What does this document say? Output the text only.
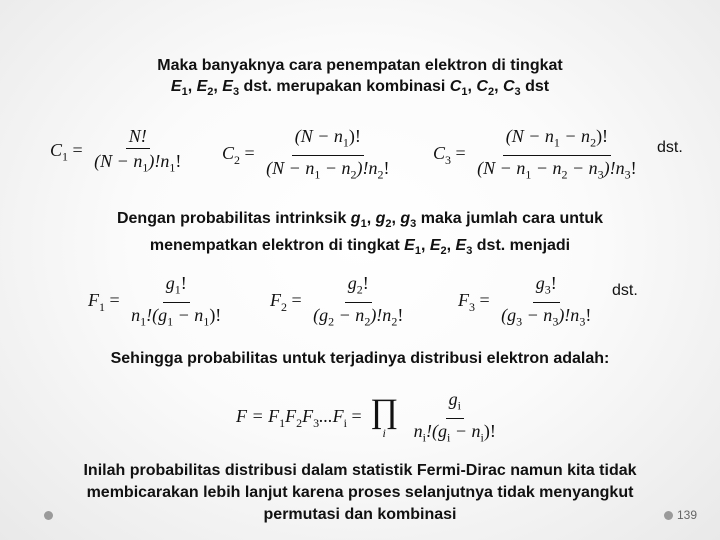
Maka banyaknya cara penempatan elektron di tingkat
$E_1$, $E_2$, $E_3$ dst. merupakan kombinasi $C_1$, $C_2$, $C_3$ dst
$C_1 = \frac{N!}{(N - n_1)!n_1!} C_2 = \frac{(N - n_1)!}{(N - n_1 - n_2)!n_2!} C_3 = \frac{(N - n_1 - n_2)!}{(N - n_1 - n_2 - n_3)!n_3!}$ dst.
Dengan probabilitas intrinksik $g_1$, $g_2$, $g_3$ maka jumlah cara untuk
menempatkan elektron di tingkat $E_1$, $E_2$, $E_3$ dst. menjadi
$F_1 = \frac{g_1!}{n_1!(g_1 - n_1)!}$	$F_2 = \frac{g_2!}{(g_2 - n_2)!n_2!}$	$F_3 = \frac{g_3!}{(g_3 - n_3)!n_3!}$ dst.
Sehingga probabilitas untuk terjadinya distribusi elektron adalah:
$F = F_1F_2F_3...F_i$ = ∏
i
$\frac{g_i}{n_i!(g_i - n_i)!}$
Inilah probabilitas distribusi dalam statistik Fermi-Dirac namun kita tidak
membicarakan lebih lanjut karena proses selanjutnya tidak menyangkut
permutasi dan kombinasi	139
